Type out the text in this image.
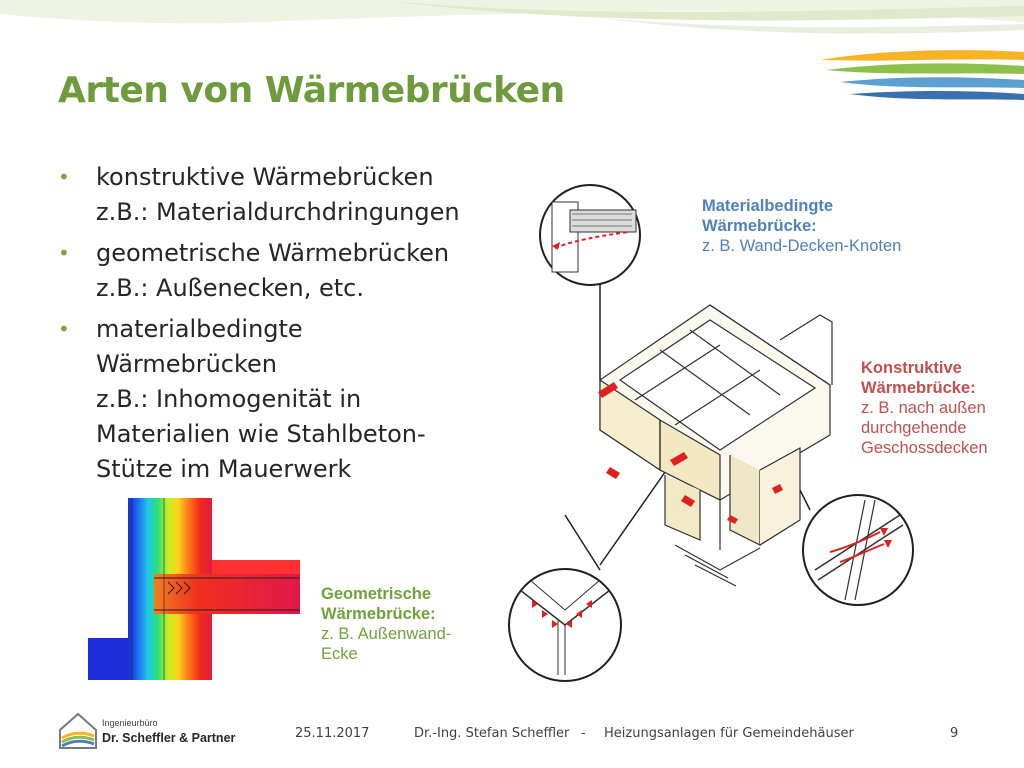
Arten von Wärmebrücken
• konstruktive Wärmebrücken
z.B.: Materialdurchdringungen
• geometrische Wärmebrücken
z.B.: Außenecken, etc.
• materialbedingte
Wärmebrücken
z.B.: Inhomogenität in
Materialien wie Stahlbeton-
Stütze im Mauerwerk
Materialbedingte
Wärmebrücke:
z. B. Wand-Decken-Knoten
Konstruktive
Wärmebrücke:
z. B. nach außen
durchgehende
Geschossdecken
Geometrische
Wärmebrücke:
z. B. Außenwand-
Ecke
Ingenieurbüro
Dr. Scheffler & Partner	25.11.2017	Dr.-Ing. Stefan Scheffler - Heizungsanlagen für Gemeindehäuser	9
